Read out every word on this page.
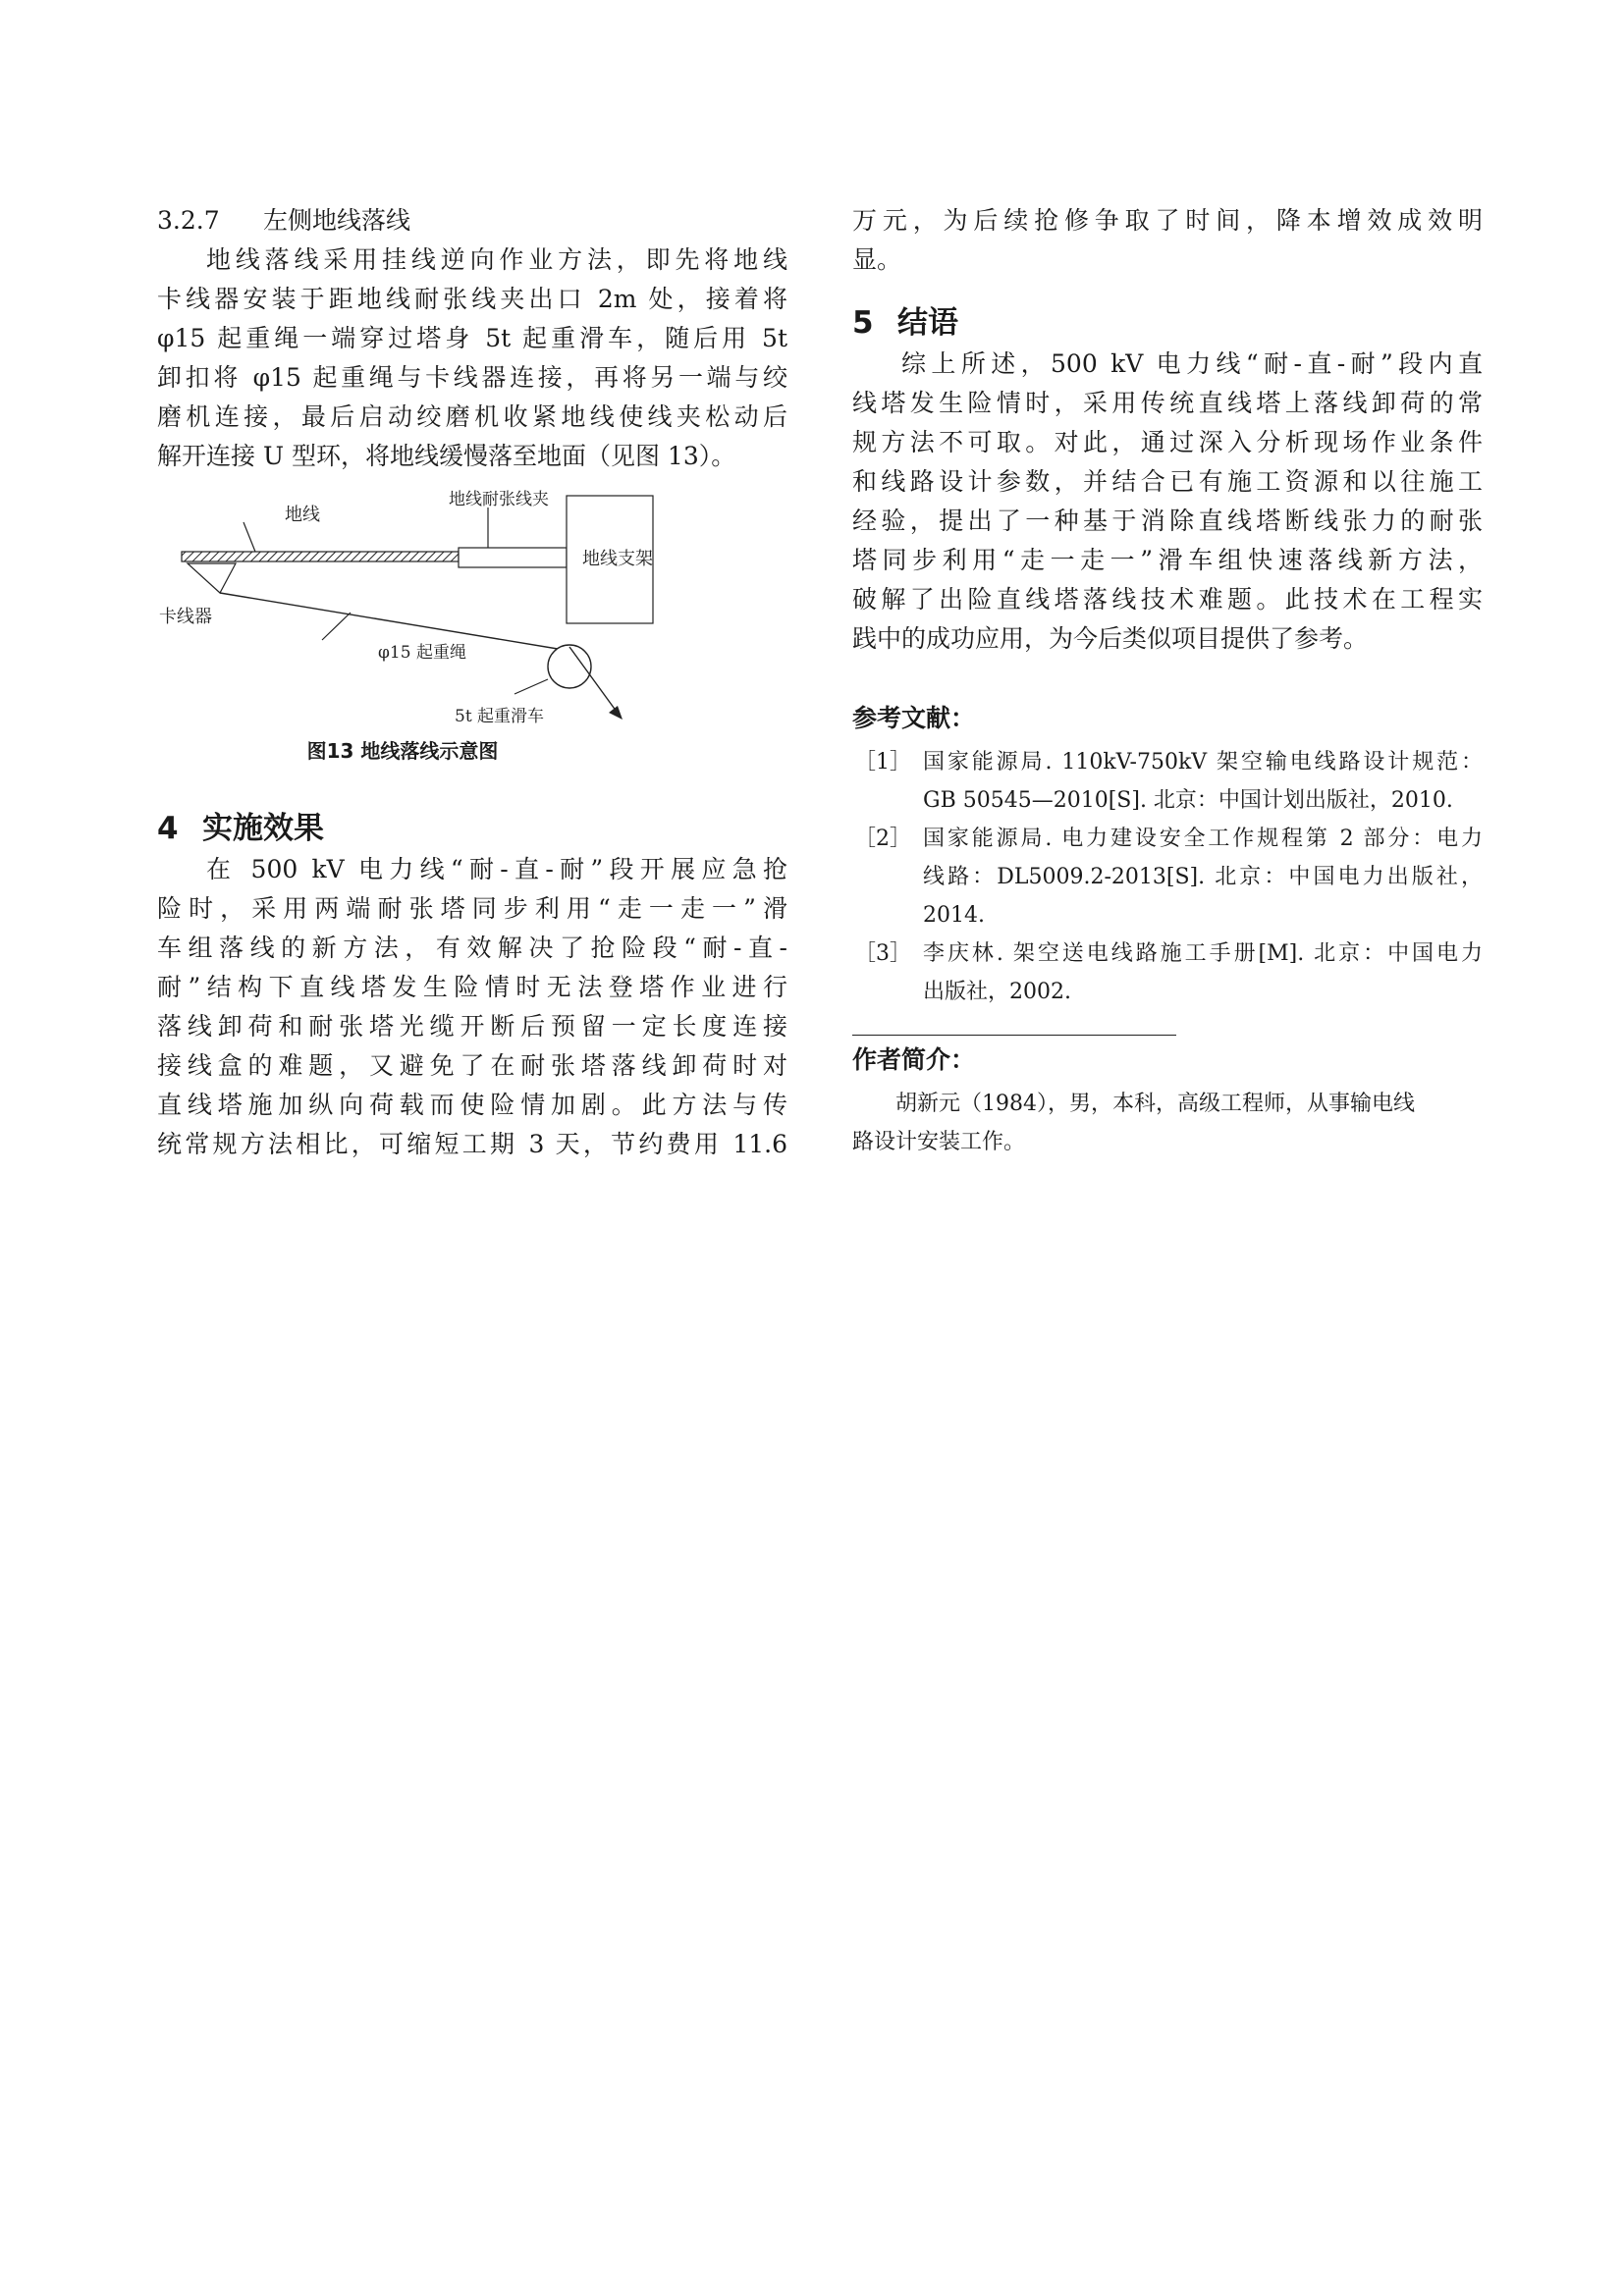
3.2.7 左侧地线落线
地线落线采用挂线逆向作业方法，即先将地线
卡线器安装于距地线耐张线夹出口 2m 处，接着将
φ15 起重绳一端穿过塔身 5t 起重滑车，随后用 5t
卸扣将 φ15 起重绳与卡线器连接，再将另一端与绞
磨机连接，最后启动绞磨机收紧地线使线夹松动后
解开连接 U 型环，将地线缓慢落至地面（见图 13）。
地线
地线耐张线夹
地线支架
卡线器
φ15 起重绳
5t 起重滑车
图13 地线落线示意图
4 实施效果
在 500 kV 电力线“耐-直-耐”段开展应急抢
险时，采用两端耐张塔同步利用“走一走一”滑
车组落线的新方法，有效解决了抢险段“耐-直-
耐”结构下直线塔发生险情时无法登塔作业进行
落线卸荷和耐张塔光缆开断后预留一定长度连接
接线盒的难题，又避免了在耐张塔落线卸荷时对
直线塔施加纵向荷载而使险情加剧。此方法与传
统常规方法相比，可缩短工期 3 天，节约费用 11.6
万元，为后续抢修争取了时间，降本增效成效明
显。
5 结语
综上所述，500 kV 电力线“耐-直-耐”段内直
线塔发生险情时，采用传统直线塔上落线卸荷的常
规方法不可取。对此，通过深入分析现场作业条件
和线路设计参数，并结合已有施工资源和以往施工
经验，提出了一种基于消除直线塔断线张力的耐张
塔同步利用“走一走一”滑车组快速落线新方法，
破解了出险直线塔落线技术难题。此技术在工程实
践中的成功应用，为今后类似项目提供了参考。
参考文献：
［1］ 国家能源局. 110kV-750kV 架空输电线路设计规范：
GB 50545—2010[S]. 北京：中国计划出版社，2010.
［2］ 国家能源局. 电力建设安全工作规程第 2 部分：电力
线路：DL5009.2-2013[S]. 北京：中国电力出版社，
2014.
［3］ 李庆林. 架空送电线路施工手册[M]. 北京：中国电力
出版社，2002.
作者简介：
胡新元（1984），男，本科，高级工程师，从事输电线
路设计安装工作。
